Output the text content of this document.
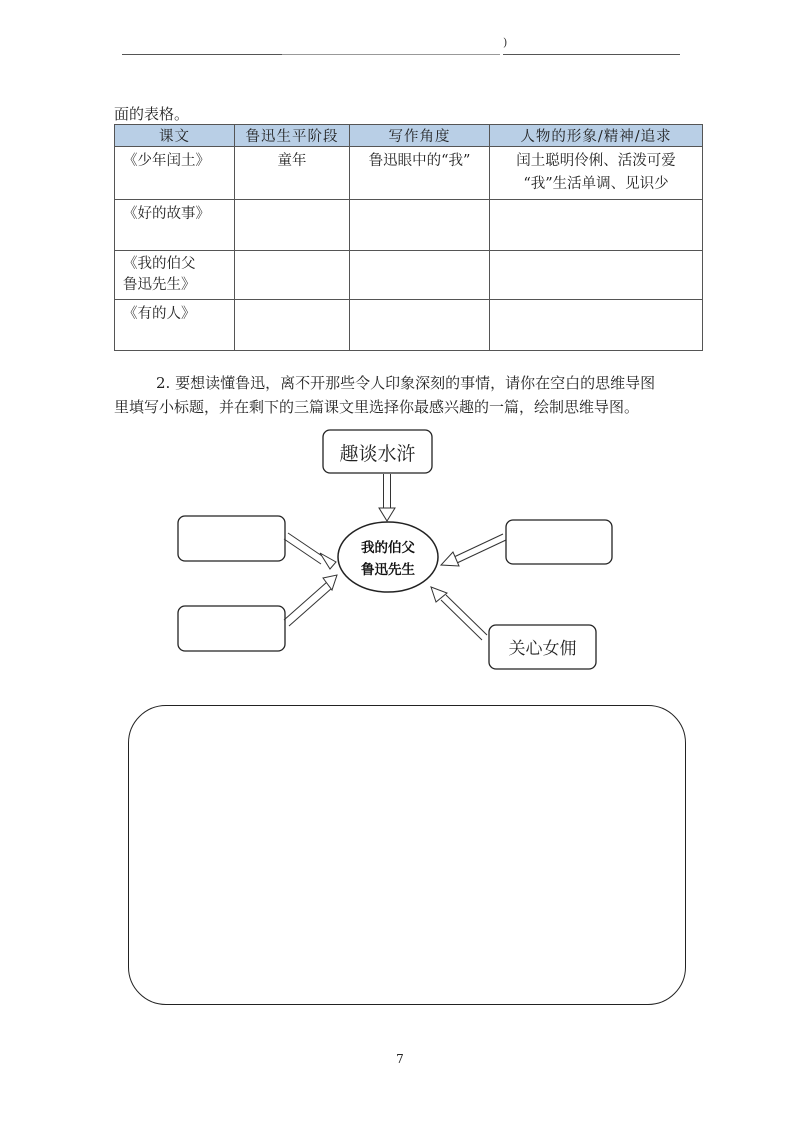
)
面的表格。
课文	鲁迅生平阶段	写作角度	人物的形象/精神/追求
《少年闰土》	童年	鲁迅眼中的“我”	闰土聪明伶俐、活泼可爱
“我”生活单调、见识少

《好的故事》			

《我的伯父
鲁迅先生》			

《有的人》			
2. 要想读懂鲁迅，离不开那些令人印象深刻的事情，请你在空白的思维导图
里填写小标题，并在剩下的三篇课文里选择你最感兴趣的一篇，绘制思维导图。
趣谈水浒
关心女佣
我的伯父
鲁迅先生
7
